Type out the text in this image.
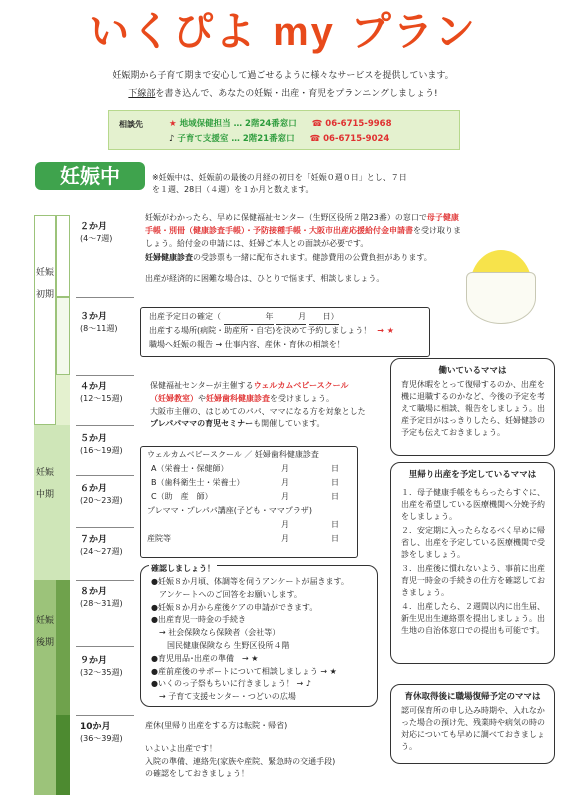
いくぴよ my プラン
妊娠期から子育て期まで安心して過ごせるように様々なサービスを提供しています。
下線部を書き込んで、あなたの妊娠・出産・育児をプランニングしましょう!
相談先	★ 地域保健担当 … 2階24番窓口 ☎ 06-6715-9968
♪ 子育て支援室 … 2階21番窓口 ☎ 06-6715-9024
妊娠中	※妊娠中は、妊娠前の最後の月経の初日を「妊娠０週０日」とし、７日を１週、28日（４週）を１か月と数えます。
妊娠初期
妊娠中期
妊娠後期
２か月
(4〜7週)
３か月
(8〜11週)
４か月
(12〜15週)
５か月
(16〜19週)
６か月
(20〜23週)
７か月
(24〜27週)
８か月
(28〜31週)
９か月
(32〜35週)
10か月
(36〜39週)
妊娠がわかったら、早めに保健福祉センター（生野区役所２階23番）の窓口で母子健康手帳・別冊（健康診査手帳）・予防接種手帳・大阪市出産応援給付金申請書を受け取りましょう。給付金の申請には、妊婦ご本人との面談が必要です。
妊婦健康診査の受診票も一緒に配布されます。健診費用の公費負担があります。
出産が経済的に困難な場合は、ひとりで悩まず、相談しましょう。
出産予定日の確定（	年	月 日）
出産する場所(病院・助産所・自宅)を決めて予約しましょう！ → ★
職場へ妊娠の報告 → 仕事内容、産休・育休の相談を！
保健福祉センターが主催するウェルカムベビースクール
（妊婦教室）や妊婦歯科健康診査を受けましょう。
大阪市主催の、はじめてのパパ、ママになる方を対象とした
プレパパママの育児セミナーも開催しています。
ウェルカムベビースクール ／ 妊婦歯科健康診査
A（栄養士・保健師）	月	日
B（歯科衛生士・栄養士）	月	日
C（助　産　師）	月	日
プレママ・プレパパ講座(子ども・ママプラザ)
月	日
産院等	月	日
確認しましょう！
●妊娠８か月頃、体調等を伺うアンケートが届きます。
　アンケートへのご回答をお願いします。
●妊娠８か月から産後ケアの申請ができます。
●出産育児一時金の手続き
　→ 社会保険なら保険者（会社等）
　　国民健康保険なら 生野区役所４階
●育児用品･出産の準備　→ ★
●産前産後のサポートについて相談しましょう → ★
●いくのっ子祭もちいに行きましょう！ → ♪
　→ 子育て支援センター・つどいの広場
産休(里帰り出産をする方は転院・帰省)
いよいよ出産です！
入院の準備、連絡先(家族や産院、緊急時の交通手段)
の確認をしておきましょう！
働いているママは
育児休暇をとって復帰するのか、出産を機に退職するのかなど、今後の予定を考えて職場に相談、報告をしましょう。出産予定日がはっきりしたら、妊婦健診の予定も伝えておきましょう。
里帰り出産を予定しているママは
１．母子健康手帳をもらったらすぐに、出産を希望している医療機関へ分娩予約をしましょう。
２．安定期に入ったらなるべく早めに帰省し、出産を予定している医療機関で受診をしましょう。
３．出産後に慣れないよう、事前に出産育児一時金の手続きの仕方を確認しておきましょう。
４．出産したら、２週間以内に出生届、新生児出生連絡票を提出しましょう。出生地の自治体窓口での提出も可能です。
育休取得後に職場復帰予定のママは
認可保育所の申し込み時期や、入れなかった場合の預け先、残業時や病気の時の対応についても早めに調べておきましょう。
